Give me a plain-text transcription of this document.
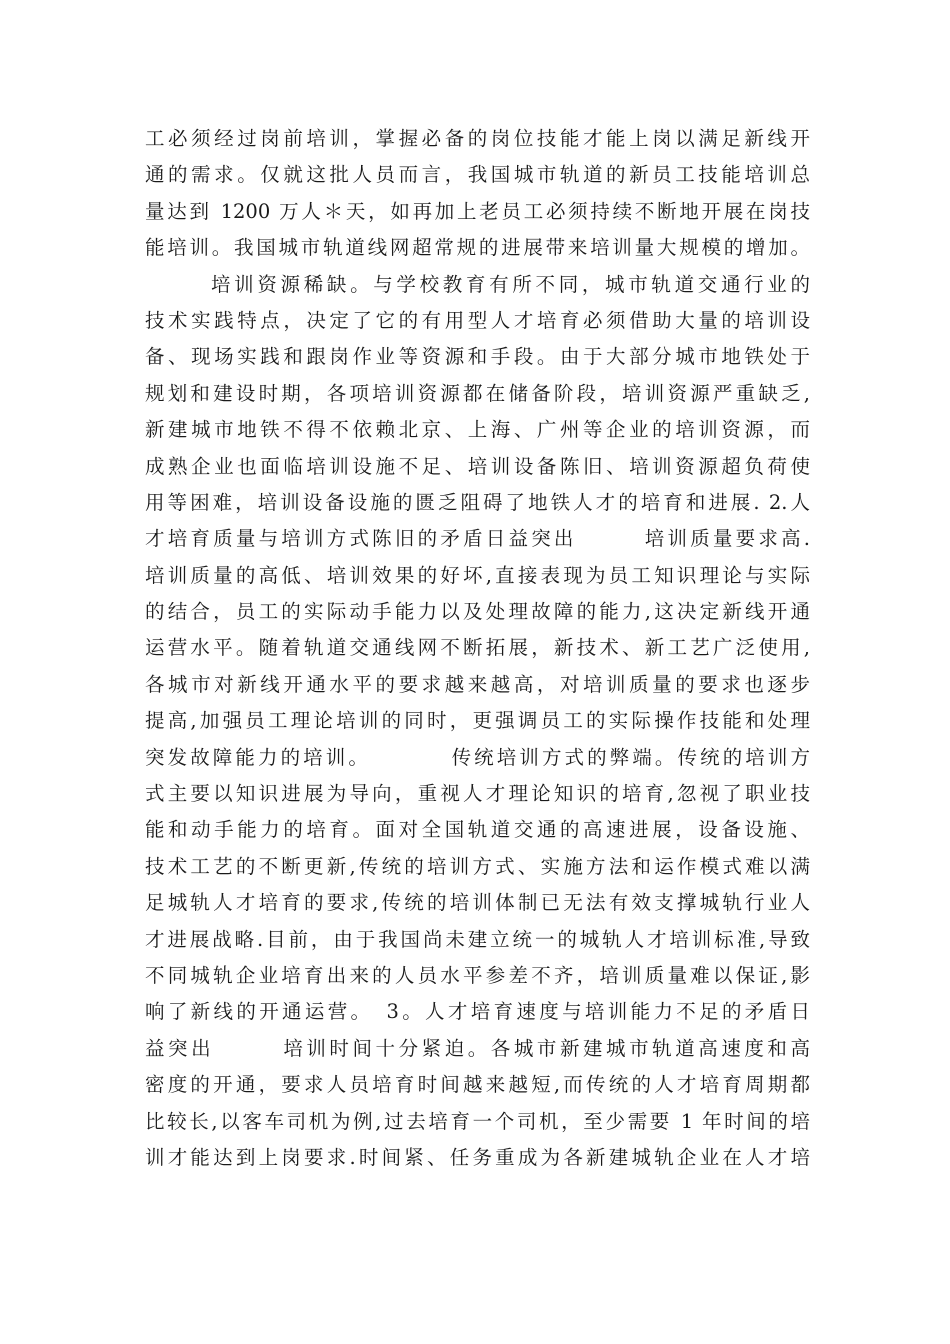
工必须经过岗前培训，掌握必备的岗位技能才能上岗以满足新线开
通的需求。仅就这批人员而言，我国城市轨道的新员工技能培训总
量达到 1200 万人＊天，如再加上老员工必须持续不断地开展在岗技
能培训。我国城市轨道线网超常规的进展带来培训量大规模的增加。
培训资源稀缺。与学校教育有所不同，城市轨道交通行业的
技术实践特点，决定了它的有用型人才培育必须借助大量的培训设
备、现场实践和跟岗作业等资源和手段。由于大部分城市地铁处于
规划和建设时期，各项培训资源都在储备阶段，培训资源严重缺乏,
新建城市地铁不得不依赖北京、上海、广州等企业的培训资源，而
成熟企业也面临培训设施不足、培训设备陈旧、培训资源超负荷使
用等困难，培训设备设施的匮乏阻碍了地铁人才的培育和进展. 2.人
才培育质量与培训方式陈旧的矛盾日益突出　　　培训质量要求高.
培训质量的高低、培训效果的好坏,直接表现为员工知识理论与实际
的结合，员工的实际动手能力以及处理故障的能力,这决定新线开通
运营水平。随着轨道交通线网不断拓展，新技术、新工艺广泛使用,
各城市对新线开通水平的要求越来越高，对培训质量的要求也逐步
提高,加强员工理论培训的同时，更强调员工的实际操作技能和处理
突发故障能力的培训。　　　　传统培训方式的弊端。传统的培训方
式主要以知识进展为导向，重视人才理论知识的培育,忽视了职业技
能和动手能力的培育。面对全国轨道交通的高速进展，设备设施、
技术工艺的不断更新,传统的培训方式、实施方法和运作模式难以满
足城轨人才培育的要求,传统的培训体制已无法有效支撑城轨行业人
才进展战略.目前，由于我国尚未建立统一的城轨人才培训标准,导致
不同城轨企业培育出来的人员水平参差不齐，培训质量难以保证,影
响了新线的开通运营。　3。人才培育速度与培训能力不足的矛盾日
益突出　　　培训时间十分紧迫。各城市新建城市轨道高速度和高
密度的开通，要求人员培育时间越来越短,而传统的人才培育周期都
比较长,以客车司机为例,过去培育一个司机，至少需要 1 年时间的培
训才能达到上岗要求.时间紧、任务重成为各新建城轨企业在人才培
